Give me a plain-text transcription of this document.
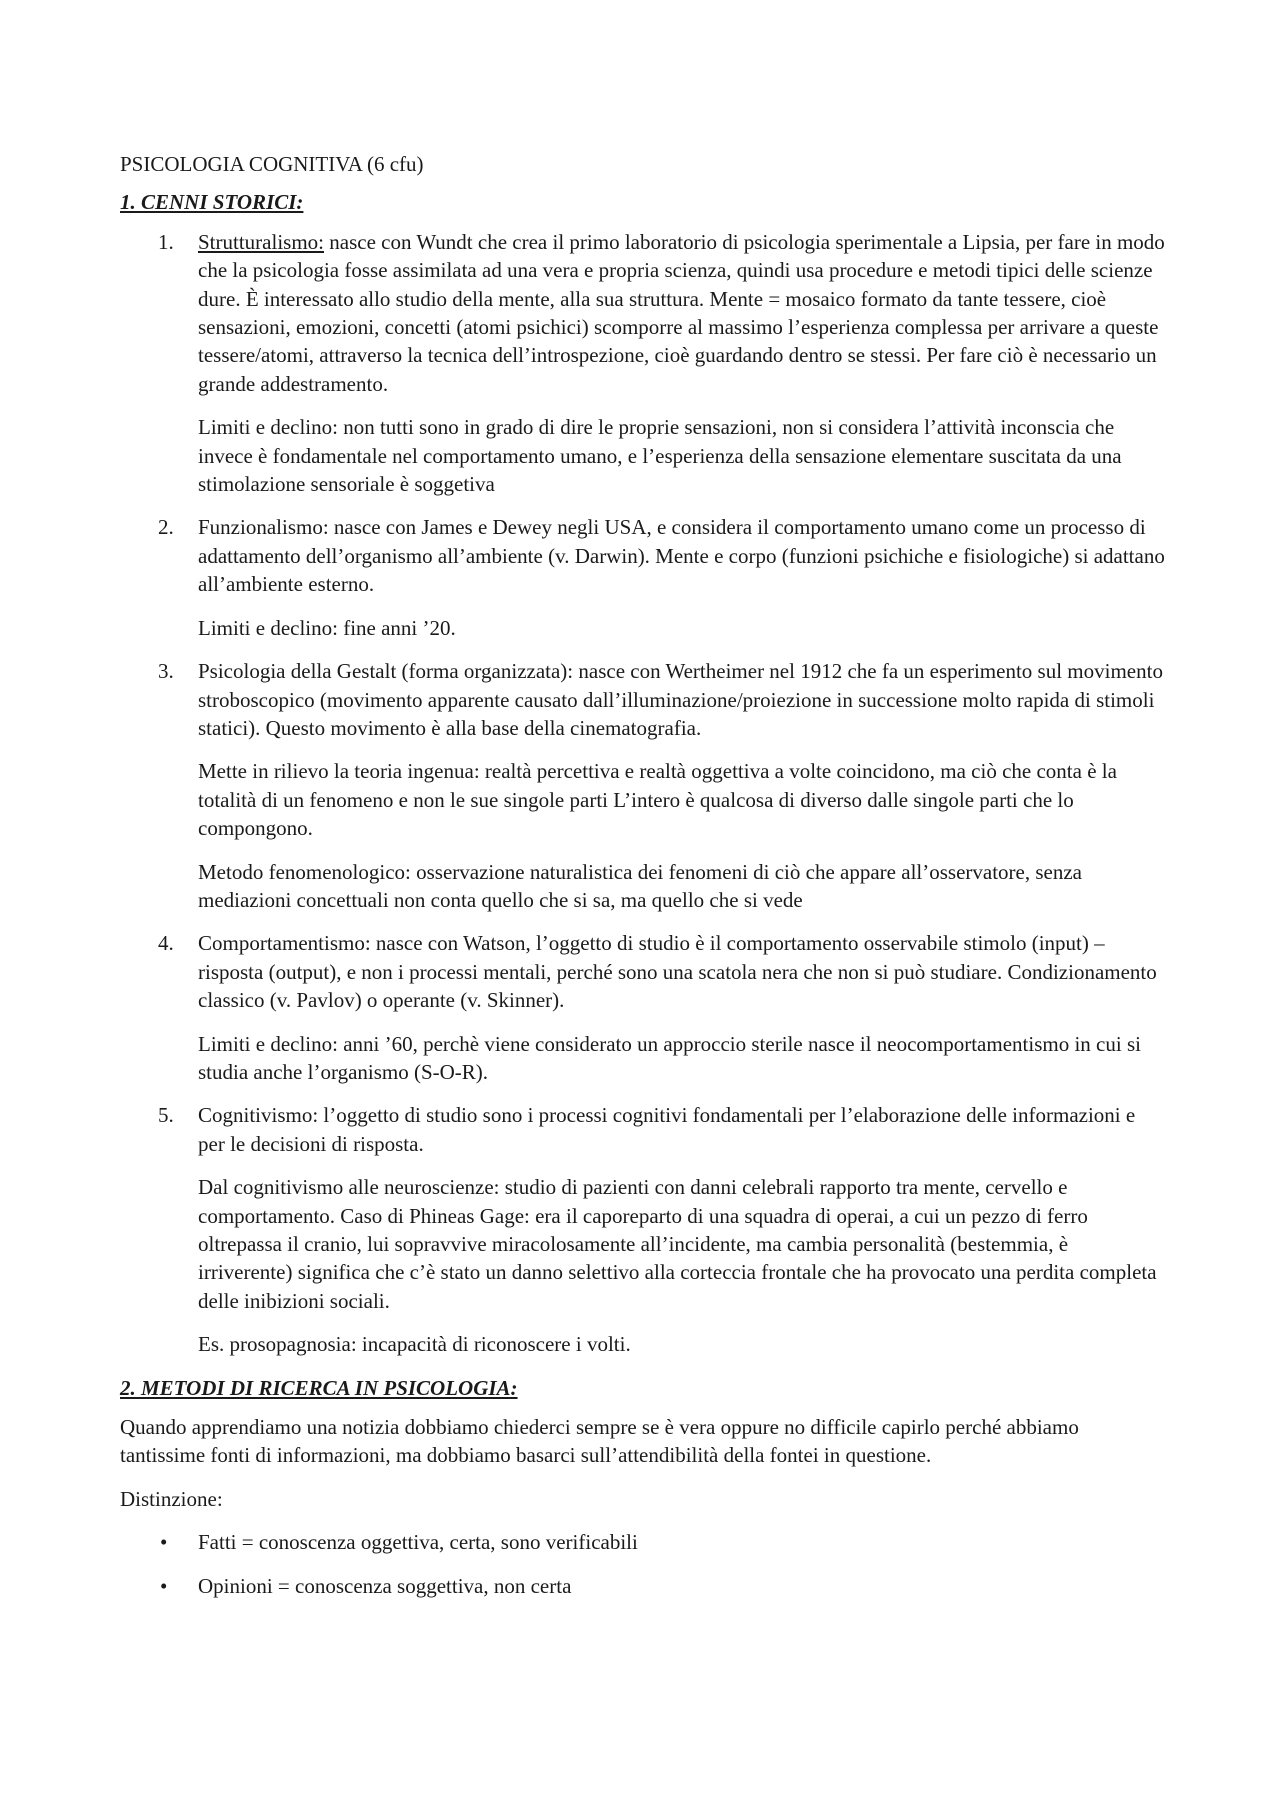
PSICOLOGIA COGNITIVA (6 cfu)

1. CENNI STORICI:

1. Strutturalismo: nasce con Wundt che crea il primo laboratorio di psicologia sperimentale a Lipsia, per fare in modo che la psicologia fosse assimilata ad una vera e propria scienza, quindi usa procedure e metodi tipici delle scienze dure. È interessato allo studio della mente, alla sua struttura. Mente = mosaico formato da tante tessere, cioè sensazioni, emozioni, concetti (atomi psichici) scomporre al massimo l’esperienza complessa per arrivare a queste tessere/atomi, attraverso la tecnica dell’introspezione, cioè guardando dentro se stessi. Per fare ciò è necessario un grande addestramento.

Limiti e declino: non tutti sono in grado di dire le proprie sensazioni, non si considera l’attività inconscia che invece è fondamentale nel comportamento umano, e l’esperienza della sensazione elementare suscitata da una stimolazione sensoriale è soggetiva

2. Funzionalismo: nasce con James e Dewey negli USA, e considera il comportamento umano come un processo di adattamento dell’organismo all’ambiente (v. Darwin). Mente e corpo (funzioni psichiche e fisiologiche) si adattano all’ambiente esterno.

Limiti e declino: fine anni ’20.

3. Psicologia della Gestalt (forma organizzata): nasce con Wertheimer nel 1912 che fa un esperimento sul movimento stroboscopico (movimento apparente causato dall’illuminazione/proiezione in successione molto rapida di stimoli statici). Questo movimento è alla base della cinematografia.

Mette in rilievo la teoria ingenua: realtà percettiva e realtà oggettiva a volte coincidono, ma ciò che conta è la totalità di un fenomeno e non le sue singole parti L’intero è qualcosa di diverso dalle singole parti che lo compongono.

Metodo fenomenologico: osservazione naturalistica dei fenomeni di ciò che appare all’osservatore, senza mediazioni concettuali non conta quello che si sa, ma quello che si vede

4. Comportamentismo: nasce con Watson, l’oggetto di studio è il comportamento osservabile stimolo (input) – risposta (output), e non i processi mentali, perché sono una scatola nera che non si può studiare. Condizionamento classico (v. Pavlov) o operante (v. Skinner).

Limiti e declino: anni ’60, perchè viene considerato un approccio sterile nasce il neocomportamentismo in cui si studia anche l’organismo (S-O-R).

5. Cognitivismo: l’oggetto di studio sono i processi cognitivi fondamentali per l’elaborazione delle informazioni e per le decisioni di risposta.

Dal cognitivismo alle neuroscienze: studio di pazienti con danni celebrali rapporto tra mente, cervello e comportamento. Caso di Phineas Gage: era il caporeparto di una squadra di operai, a cui un pezzo di ferro oltrepassa il cranio, lui sopravvive miracolosamente all’incidente, ma cambia personalità (bestemmia, è irriverente) significa che c’è stato un danno selettivo alla corteccia frontale che ha provocato una perdita completa delle inibizioni sociali.

Es. prosopagnosia: incapacità di riconoscere i volti.

2. METODI DI RICERCA IN PSICOLOGIA:

Quando apprendiamo una notizia dobbiamo chiederci sempre se è vera oppure no difficile capirlo perché abbiamo tantissime fonti di informazioni, ma dobbiamo basarci sull’attendibilità della fontei in questione.

Distinzione:

• Fatti = conoscenza oggettiva, certa, sono verificabili
• Opinioni = conoscenza soggettiva, non certa
